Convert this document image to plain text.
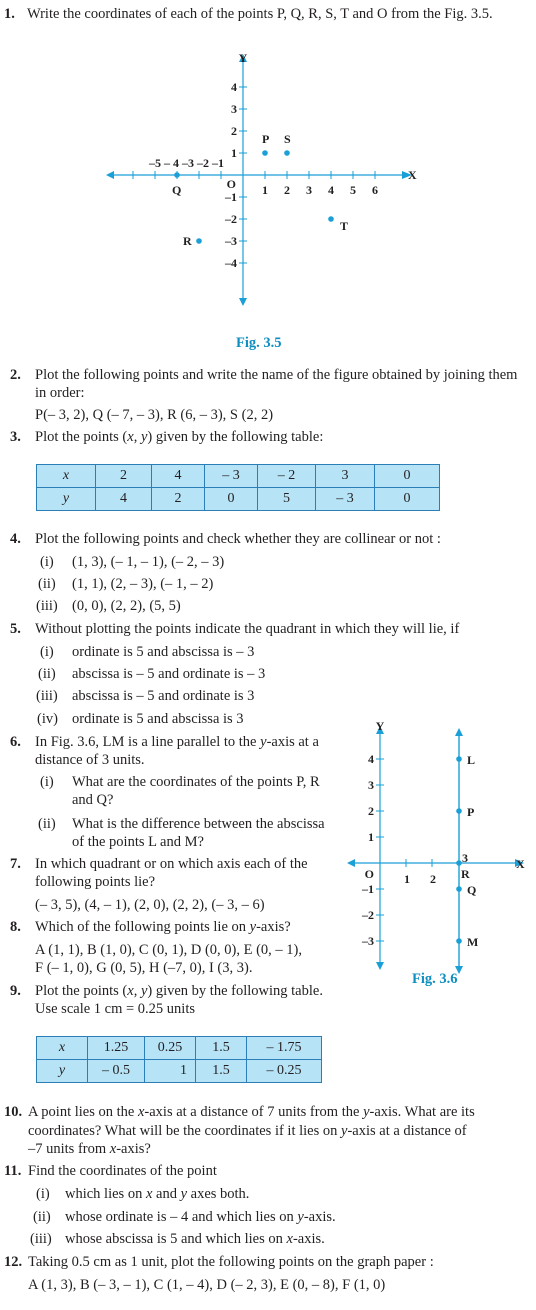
1. Write the coordinates of each of the points P, Q, R, S, T and O from the Fig. 3.5.
Y
X
O
–5 – 4 –3 –2 –1
1 2 3 4 5 6
4
3
2
1
–1
–2
–3
–4
P S
Q
R
T
Fig. 3.5
2. Plot the following points and write the name of the figure obtained by joining them
in order:
P(– 3, 2), Q (– 7, – 3), R (6, – 3), S (2, 2)
3. Plot the points (x, y) given by the following table:
x	2	4	– 3	– 2	3	0
y	4	2	0	5	– 3	0
4. Plot the following points and check whether they are collinear or not :
(i) (1, 3), (– 1, – 1), (– 2, – 3)
(ii) (1, 1), (2, – 3), (– 1, – 2)
(iii) (0, 0), (2, 2), (5, 5)
5. Without plotting the points indicate the quadrant in which they will lie, if
(i) ordinate is 5 and abscissa is – 3
(ii) abscissa is – 5 and ordinate is – 3
(iii) abscissa is – 5 and ordinate is 3
(iv) ordinate is 5 and abscissa is 3
6. In Fig. 3.6, LM is a line parallel to the y-axis at a
distance of 3 units.
(i) What are the coordinates of the points P, R
and Q?
(ii) What is the difference between the abscissa
of the points L and M?
Y
X
O	1 2
3
4
3
2
1
–1
–2
–3
L
P
R
Q
M
Fig. 3.6
7. In which quadrant or on which axis each of the
following points lie?
(– 3, 5), (4, – 1), (2, 0), (2, 2), (– 3, – 6)
8. Which of the following points lie on y-axis?
A (1, 1), B (1, 0), C (0, 1), D (0, 0), E (0, – 1),
F (– 1, 0), G (0, 5), H (–7, 0), I (3, 3).
9. Plot the points (x, y) given by the following table.
Use scale 1 cm = 0.25 units
x	1.25	0.25	1.5	– 1.75
y	– 0.5	1	1.5	– 0.25
10. A point lies on the x-axis at a distance of 7 units from the y-axis. What are its
coordinates? What will be the coordinates if it lies on y-axis at a distance of
–7 units from x-axis?
11. Find the coordinates of the point
(i) which lies on x and y axes both.
(ii) whose ordinate is – 4 and which lies on y-axis.
(iii) whose abscissa is 5 and which lies on x-axis.
12. Taking 0.5 cm as 1 unit, plot the following points on the graph paper :
A (1, 3), B (– 3, – 1), C (1, – 4), D (– 2, 3), E (0, – 8), F (1, 0)
